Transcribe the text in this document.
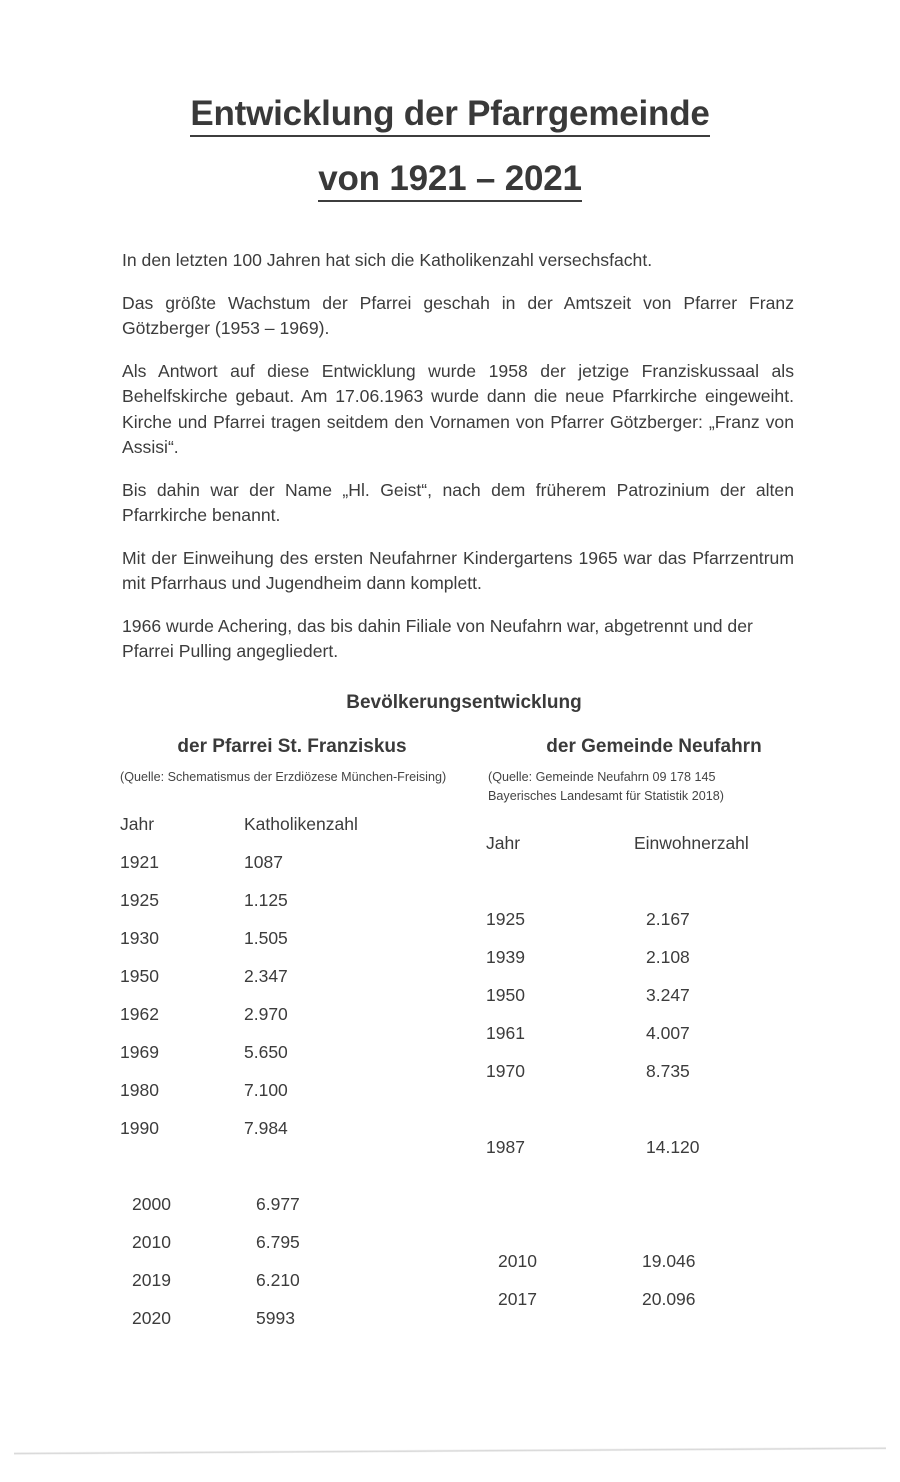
Entwicklung der Pfarrgemeinde
von 1921 – 2021

In den letzten 100 Jahren hat sich die Katholikenzahl versechsfacht.

Das größte Wachstum der Pfarrei geschah in der Amtszeit von Pfarrer Franz Götzberger (1953 – 1969).

Als Antwort auf diese Entwicklung wurde 1958 der jetzige Franziskussaal als Behelfskirche gebaut. Am 17.06.1963 wurde dann die neue Pfarrkirche eingeweiht. Kirche und Pfarrei tragen seitdem den Vornamen von Pfarrer Götzberger: „Franz von Assisi“.

Bis dahin war der Name „Hl. Geist“, nach dem früherem Patrozinium der alten Pfarrkirche benannt.

Mit der Einweihung des ersten Neufahrner Kindergartens 1965 war das Pfarrzentrum mit Pfarrhaus und Jugendheim dann komplett.

1966 wurde Achering, das bis dahin Filiale von Neufahrn war, abgetrennt und der Pfarrei Pulling angegliedert.

Bevölkerungsentwicklung
der Pfarrei St. Franziskus
(Quelle: Schematismus der Erzdiözese München-Freising)
Jahr	Katholikenzahl
1921	1087
1925	1.125
1930	1.505
1950	2.347
1962	2.970
1969	5.650
1980	7.100
1990	7.984

2000	6.977
2010	6.795
2019	6.210
2020	5993
der Gemeinde Neufahrn
(Quelle: Gemeinde Neufahrn 09 178 145
Bayerisches Landesamt für Statistik 2018)
Jahr	Einwohnerzahl

1925	2.167
1939	2.108
1950	3.247
1961	4.007
1970	8.735

1987	14.120

2010	19.046
2017	20.096
